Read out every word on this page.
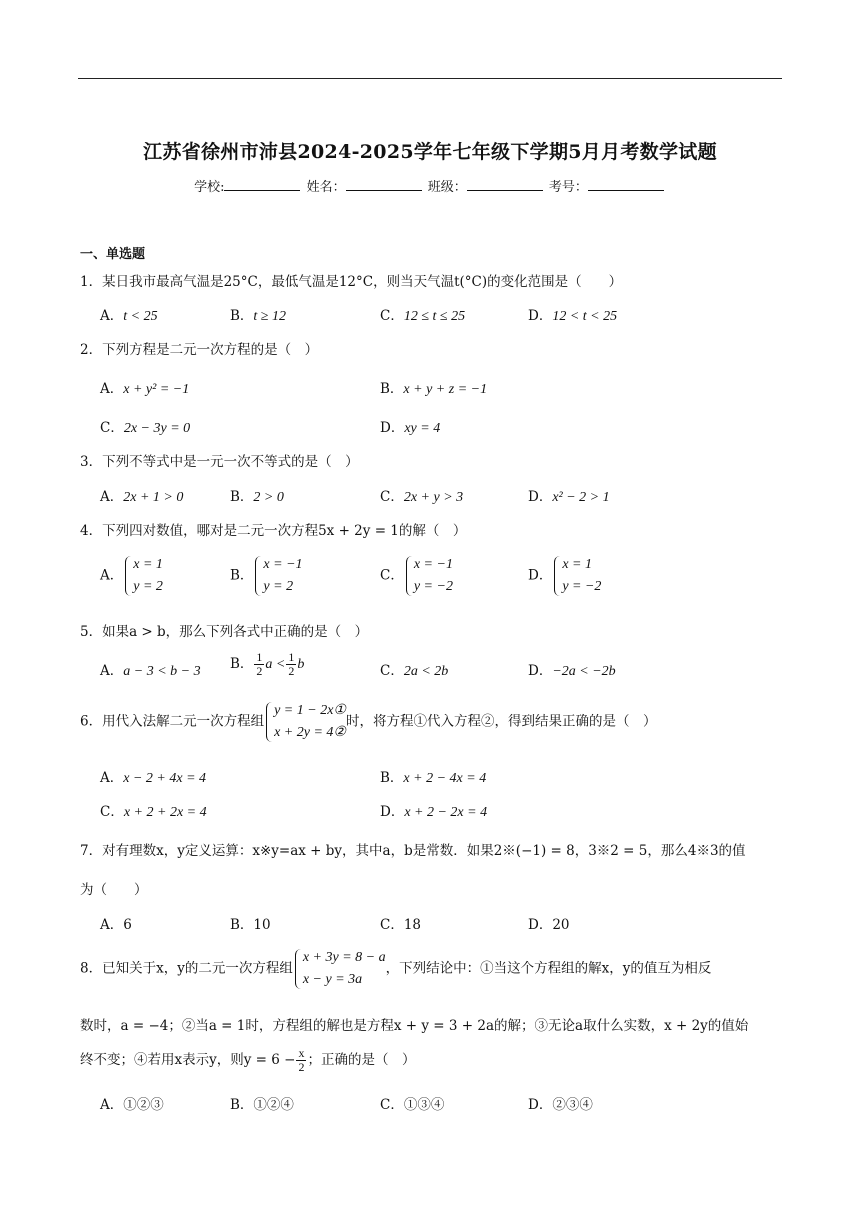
江苏省徐州市沛县2024-2025学年七年级下学期5月月考数学试题
学校:	姓名：	班级：	考号：
一、单选题
1．某日我市最高气温是25°C，最低气温是12°C，则当天气温t(°C)的变化范围是（　　）
A．t < 25	B．t ≥ 12	C．12 ≤ t ≤ 25	D．12 < t < 25
2．下列方程是二元一次方程的是（　）
A．x + y² = −1	B．x + y + z = −1
C．2x − 3y = 0	D．xy = 4
3．下列不等式中是一元一次不等式的是（　）
A．2x + 1 > 0	B．2 > 0	C．2x + y > 3	D．x² − 2 > 1
4．下列四对数值，哪对是二元一次方程5x + 2y = 1的解（　）
A．
x = 1
y = 2
B．
x = −1
y = 2
C．
x = −1
y = −2
D．
x = 1
y = −2
5．如果a > b，那么下列各式中正确的是（　）
A．a − 3 < b − 3 B． $\frac{1}{2}$ $a < \frac{1}{2}$ b	C．2a < 2b	D．−2a < −2b
6．用代入法解二元一次方程组
y = 1 − 2x①
x + 2y = 4②
时，将方程①代入方程②，得到结果正确的是（　）
A．x − 2 + 4x = 4	B．x + 2 − 4x = 4
C．x + 2 + 2x = 4	D．x + 2 − 2x = 4
7．对有理数x，y定义运算：x※y=ax + by，其中a，b是常数．如果2※(−1) = 8，3※2 = 5，那么4※3的值
为（　　）
A．6	B．10	C．18	D．20
8．已知关于x，y的二元一次方程组
x + 3y = 8 − a
x − y = 3a
，下列结论中：①当这个方程组的解x，y的值互为相反
数时，a = −4；②当a = 1时，方程组的解也是方程x + y = 3 + 2a的解；③无论a取什么实数，x + 2y的值始
终不变；④若用x表示y，则$y = 6 - \frac{x}{2}$ ；正确的是（　）
A．①②③	B．①②④	C．①③④	D．②③④
